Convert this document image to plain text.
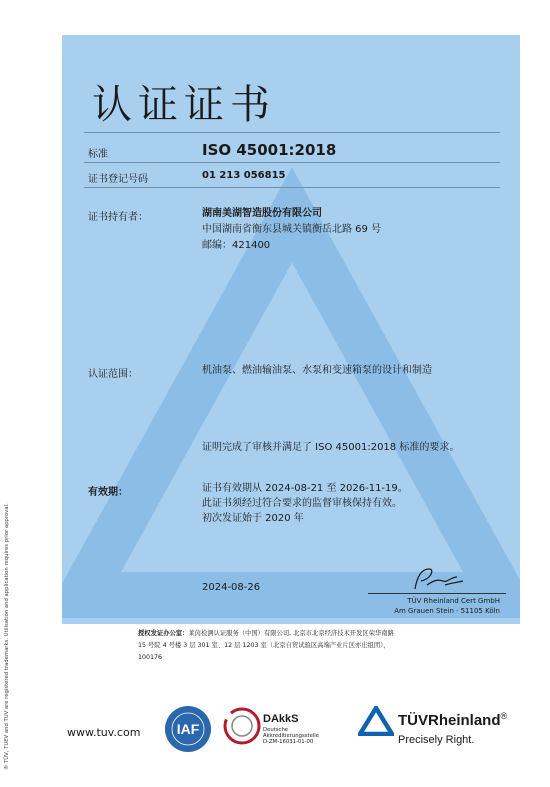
认证证书
标准	ISO 45001:2018
证书登记号码	01 213 056815
证书持有者：	湖南美湖智造股份有限公司
中国湖南省衡东县城关镇衡岳北路 69 号
邮编：421400
认证范围：	机油泵、燃油输油泵、水泵和变速箱泵的设计和制造
证明完成了审核并满足了 ISO 45001:2018 标准的要求。
有效期：	证书有效期从 2024-08-21 至 2026-11-19。
此证书须经过符合要求的监督审核保持有效。
初次发证始于 2020 年
2024-08-26
TÜV Rheinland Cert GmbH
Am Grauen Stein · 51105 Köln
授权发证办公室：莱茵检测认证服务（中国）有限公司, 北京市北京经济技术开发区荣华南路
15 号院 4 号楼 3 层 301 室、12 层 1203 室（北京自贸试验区高端产业片区亦庄组团），
100176
® TÜV, TUEV and TUV are registered trademarks. Utilisation and application requires prior approval.	www.tuv.com	IAF
DAkkS
Deutsche
Akkreditierungsstelle
D-ZM-16031-01-00
TÜVRheinland®
Precisely Right.
